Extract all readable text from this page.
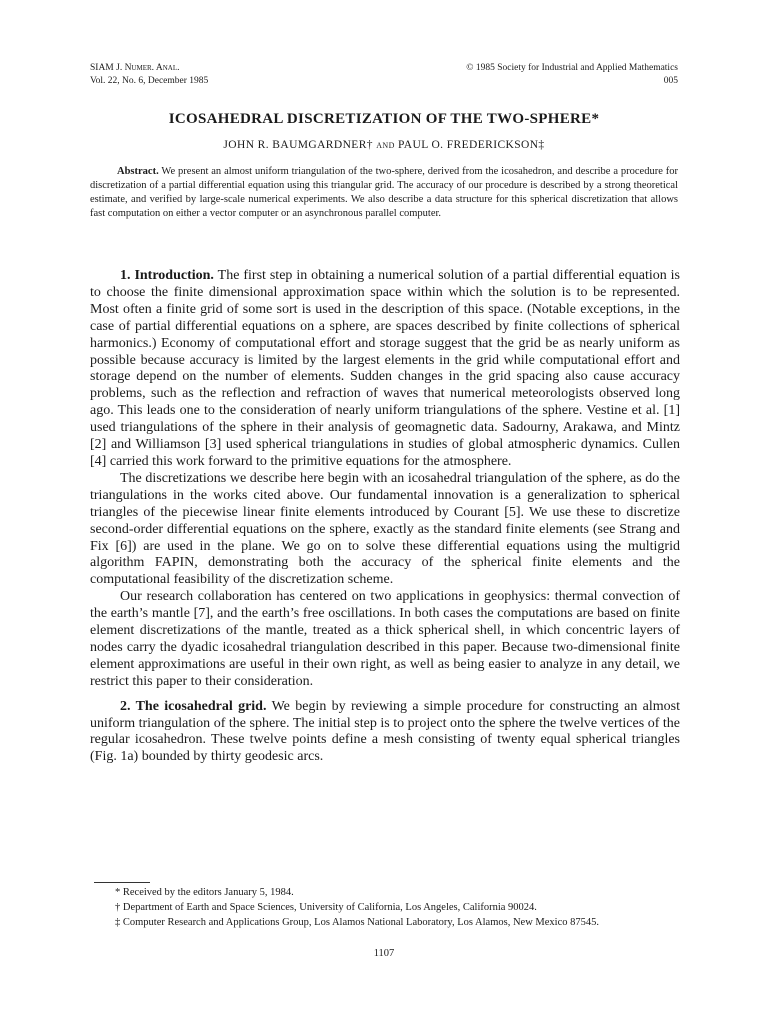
SIAM J. Numer. Anal.
Vol. 22, No. 6, December 1985
© 1985 Society for Industrial and Applied Mathematics
005
ICOSAHEDRAL DISCRETIZATION OF THE TWO-SPHERE*
JOHN R. BAUMGARDNER† and PAUL O. FREDERICKSON‡
Abstract. We present an almost uniform triangulation of the two-sphere, derived from the icosahedron, and describe a procedure for discretization of a partial differential equation using this triangular grid. The accuracy of our procedure is described by a strong theoretical estimate, and verified by large-scale numerical experiments. We also describe a data structure for this spherical discretization that allows fast computation on either a vector computer or an asynchronous parallel computer.

1. Introduction. The first step in obtaining a numerical solution of a partial differential equation is to choose the finite dimensional approximation space within which the solution is to be represented. Most often a finite grid of some sort is used in the description of this space. (Notable exceptions, in the case of partial differential equations on a sphere, are spaces described by finite collections of spherical harmonics.) Economy of computational effort and storage suggest that the grid be as nearly uniform as possible because accuracy is limited by the largest elements in the grid while computational effort and storage depend on the number of elements. Sudden changes in the grid spacing also cause accuracy problems, such as the reflection and refraction of waves that numerical meteorologists observed long ago. This leads one to the consideration of nearly uniform triangulations of the sphere. Vestine et al. [1] used triangulations of the sphere in their analysis of geomagnetic data. Sadourny, Arakawa, and Mintz [2] and Williamson [3] used spherical triangulations in studies of global atmospheric dynamics. Cullen [4] carried this work forward to the primitive equations for the atmosphere.

The discretizations we describe here begin with an icosahedral triangulation of the sphere, as do the triangulations in the works cited above. Our fundamental innovation is a generalization to spherical triangles of the piecewise linear finite elements introduced by Courant [5]. We use these to discretize second-order differential equations on the sphere, exactly as the standard finite elements (see Strang and Fix [6]) are used in the plane. We go on to solve these differential equations using the multigrid algorithm FAPIN, demonstrating both the accuracy of the spherical finite elements and the computational feasibility of the discretization scheme.

Our research collaboration has centered on two applications in geophysics: thermal convection of the earth’s mantle [7], and the earth’s free oscillations. In both cases the computations are based on finite element discretizations of the mantle, treated as a thick spherical shell, in which concentric layers of nodes carry the dyadic icosahedral triangulation described in this paper. Because two-dimensional finite element approximations are useful in their own right, as well as being easier to analyze in any detail, we restrict this paper to their consideration.

2. The icosahedral grid. We begin by reviewing a simple procedure for constructing an almost uniform triangulation of the sphere. The initial step is to project onto the sphere the twelve vertices of the regular icosahedron. These twelve points define a mesh consisting of twenty equal spherical triangles (Fig. 1a) bounded by thirty geodesic arcs.

* Received by the editors January 5, 1984.

† Department of Earth and Space Sciences, University of California, Los Angeles, California 90024.

‡ Computer Research and Applications Group, Los Alamos National Laboratory, Los Alamos, New Mexico 87545.

1107
